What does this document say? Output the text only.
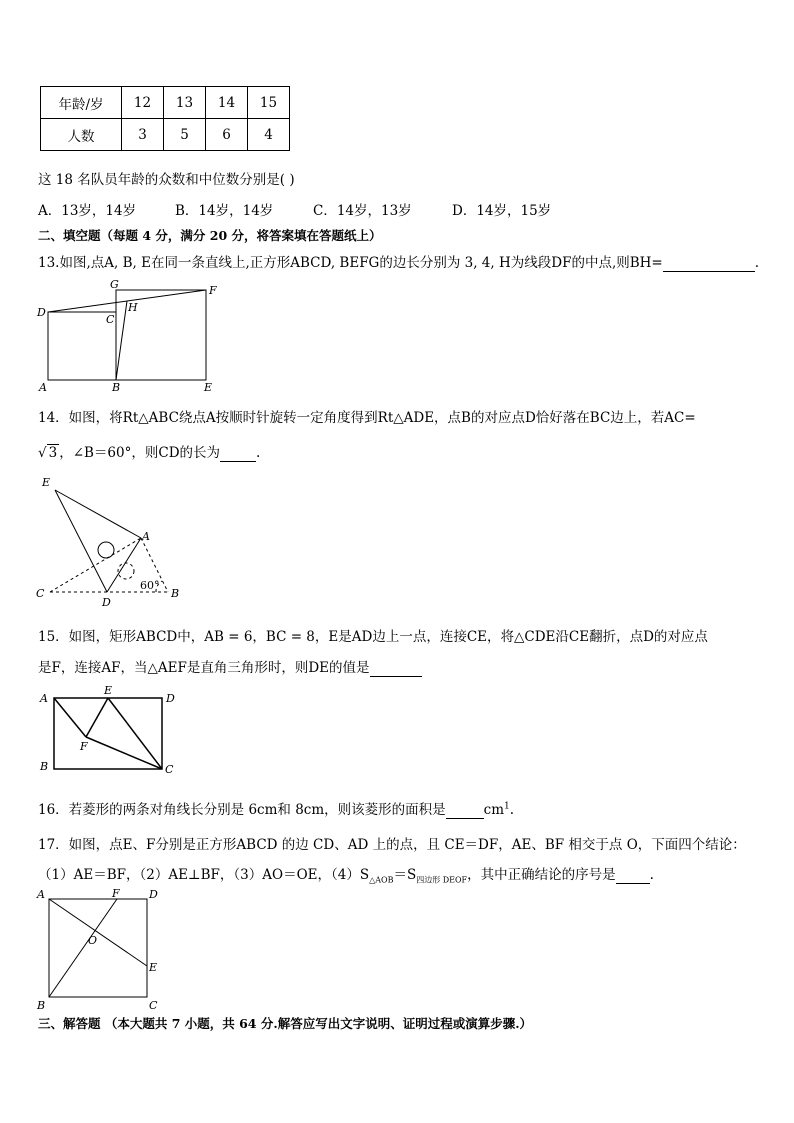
年龄/岁	12	13	14	15
人数	3	5	6	4
这 18 名队员年龄的众数和中位数分别是( )
A．13岁，14岁	B．14岁，14岁	C．14岁，13岁	D．14岁，15岁
二、填空题（每题 4 分，满分 20 分，将答案填在答题纸上）
13.如图,点A, B, E在同一条直线上,正方形ABCD, BEFG的边长分别为 3, 4, H为线段DF的中点,则BH=	.
D
G	F
H
C
A	B	E
14．如图，将Rt△ABC绕点A按顺时针旋转一定角度得到Rt△ADE，点B的对应点D恰好落在BC边上，若AC=
√ 3 ，∠B＝60°，则CD的长为	.
E
A
C
D
B
60°
15．如图，矩形ABCD中，AB = 6，BC = 8，E是AD边上一点，连接CE，将△CDE沿CE翻折，点D的对应点
是F，连接AF，当△AEF是直角三角形时，则DE的值是
A
E
D
F
B	C
16．若菱形的两条对角线长分别是 6cm和 8cm，则该菱形的面积是	$cm^1$.
17．如图，点E、F分别是正方形ABCD 的边 CD、AD 上的点，且 CE＝DF，AE、BF 相交于点 O，下面四个结论：
（1）AE＝BF，（2）AE⊥BF，（3）AO＝OE，$(4)S_{\triangle AOB}=S_{四边形 DEOF}$，其中正确结论的序号是	.
A	F	D
O
E
B	C
三、解答题 （本大题共 7 小题，共 64 分.解答应写出文字说明、证明过程或演算步骤.）
